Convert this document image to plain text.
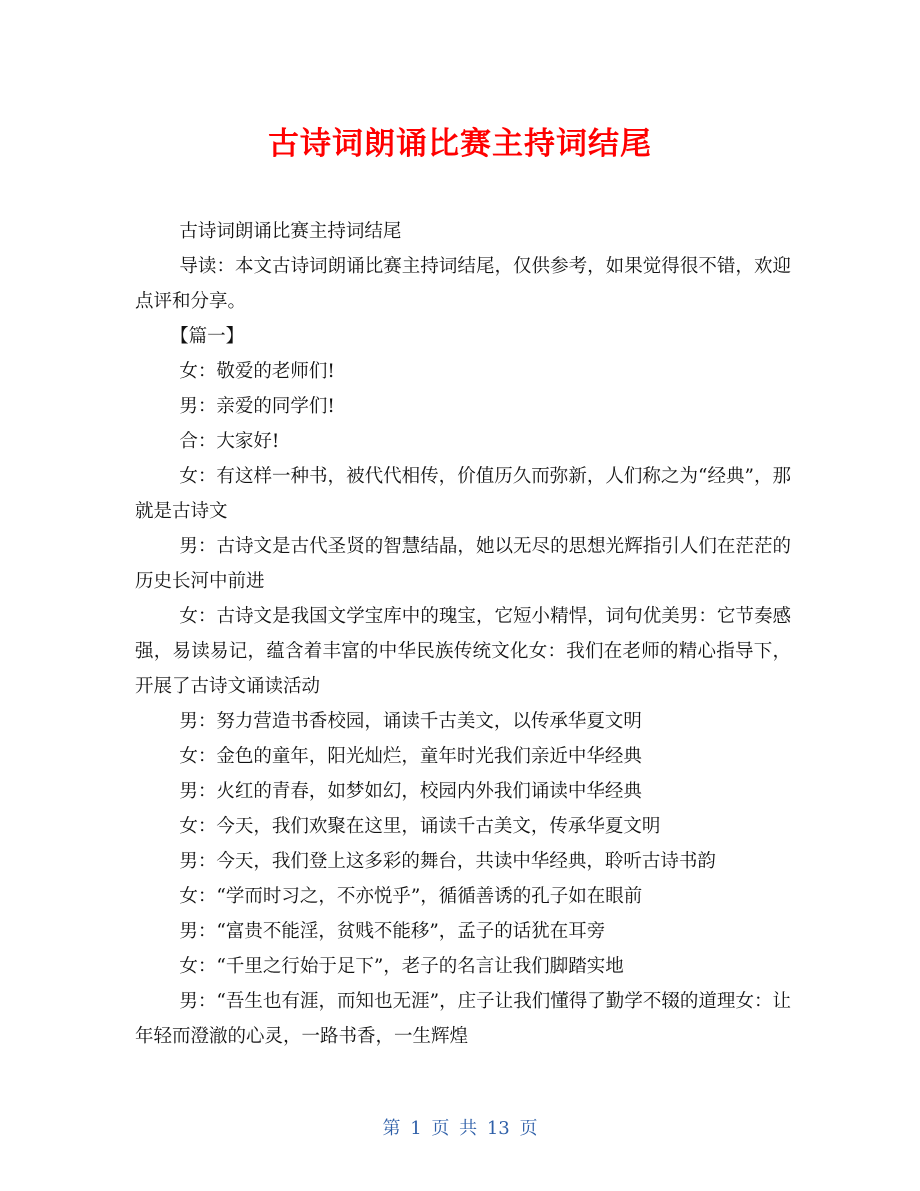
古诗词朗诵比赛主持词结尾

古诗词朗诵比赛主持词结尾

导读：本文古诗词朗诵比赛主持词结尾，仅供参考，如果觉得很不错，欢迎点评和分享。

【篇一】

女：敬爱的老师们!

男：亲爱的同学们!

合：大家好!

女：有这样一种书，被代代相传，价值历久而弥新，人们称之为“经典”，那就是古诗文

男：古诗文是古代圣贤的智慧结晶，她以无尽的思想光辉指引人们在茫茫的历史长河中前进

女：古诗文是我国文学宝库中的瑰宝，它短小精悍，词句优美男：它节奏感强，易读易记，蕴含着丰富的中华民族传统文化女：我们在老师的精心指导下，开展了古诗文诵读活动

男：努力营造书香校园，诵读千古美文，以传承华夏文明

女：金色的童年，阳光灿烂，童年时光我们亲近中华经典

男：火红的青春，如梦如幻，校园内外我们诵读中华经典

女：今天，我们欢聚在这里，诵读千古美文，传承华夏文明

男：今天，我们登上这多彩的舞台，共读中华经典，聆听古诗书韵

女：“学而时习之，不亦悦乎”，循循善诱的孔子如在眼前

男：“富贵不能淫，贫贱不能移”，孟子的话犹在耳旁

女：“千里之行始于足下”，老子的名言让我们脚踏实地

男：“吾生也有涯，而知也无涯”，庄子让我们懂得了勤学不辍的道理女：让年轻而澄澈的心灵，一路书香，一生辉煌

第 1 页 共 13 页
